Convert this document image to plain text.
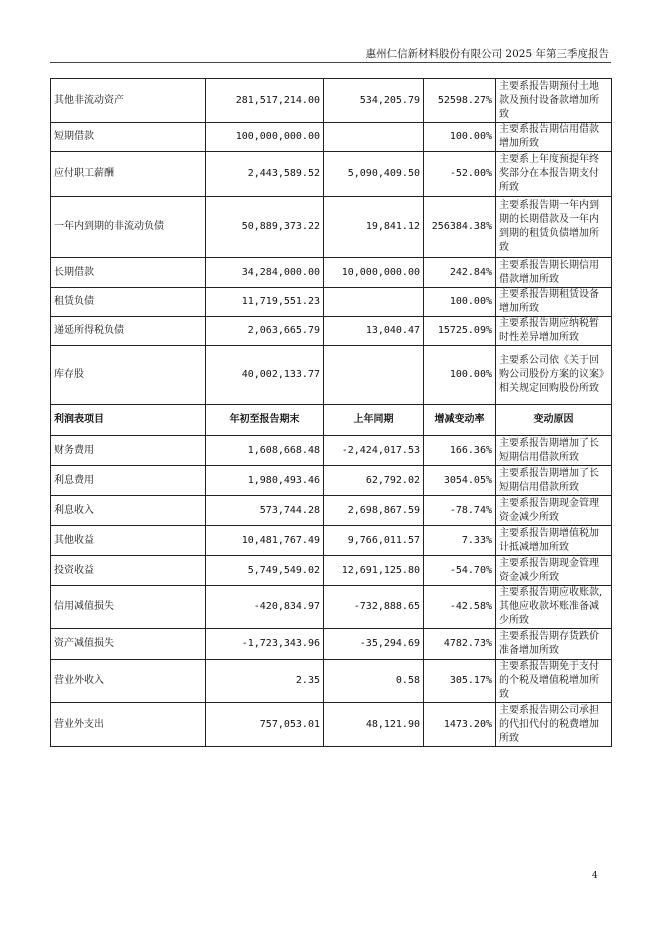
惠州仁信新材料股份有限公司 2025 年第三季度报告
其他非流动资产	281,517,214.00	534,205.79	52598.27%	主要系报告期预付土地款及预付设备款增加所致
短期借款	100,000,000.00		100.00%	主要系报告期信用借款增加所致
应付职工薪酬	2,443,589.52	5,090,409.50	-52.00%	主要系上年度预提年终奖部分在本报告期支付所致
一年内到期的非流动负债	50,889,373.22	19,841.12	256384.38%	主要系报告期一年内到期的长期借款及一年内到期的租赁负债增加所致
长期借款	34,284,000.00	10,000,000.00	242.84%	主要系报告期长期信用借款增加所致
租赁负债	11,719,551.23		100.00%	主要系报告期租赁设备增加所致
递延所得税负债	2,063,665.79	13,040.47	15725.09%	主要系报告期应纳税暂时性差异增加所致
库存股	40,002,133.77		100.00%	主要系公司依《关于回购公司股份方案的议案》相关规定回购股份所致
利润表项目	年初至报告期末	上年同期	增减变动率	变动原因
财务费用	1,608,668.48	-2,424,017.53	166.36%	主要系报告期增加了长短期信用借款所致
利息费用	1,980,493.46	62,792.02	3054.05%	主要系报告期增加了长短期信用借款所致
利息收入	573,744.28	2,698,867.59	-78.74%	主要系报告期现金管理资金减少所致
其他收益	10,481,767.49	9,766,011.57	7.33%	主要系报告期增值税加计抵减增加所致
投资收益	5,749,549.02	12,691,125.80	-54.70%	主要系报告期现金管理资金减少所致
信用减值损失	-420,834.97	-732,888.65	-42.58%	主要系报告期应收账款,其他应收款坏账准备减少所致
资产减值损失	-1,723,343.96	-35,294.69	4782.73%	主要系报告期存货跌价准备增加所致
营业外收入	2.35	0.58	305.17%	主要系报告期免于支付的个税及增值税增加所致
营业外支出	757,053.01	48,121.90	1473.20%	主要系报告期公司承担的代扣代付的税费增加所致
4
